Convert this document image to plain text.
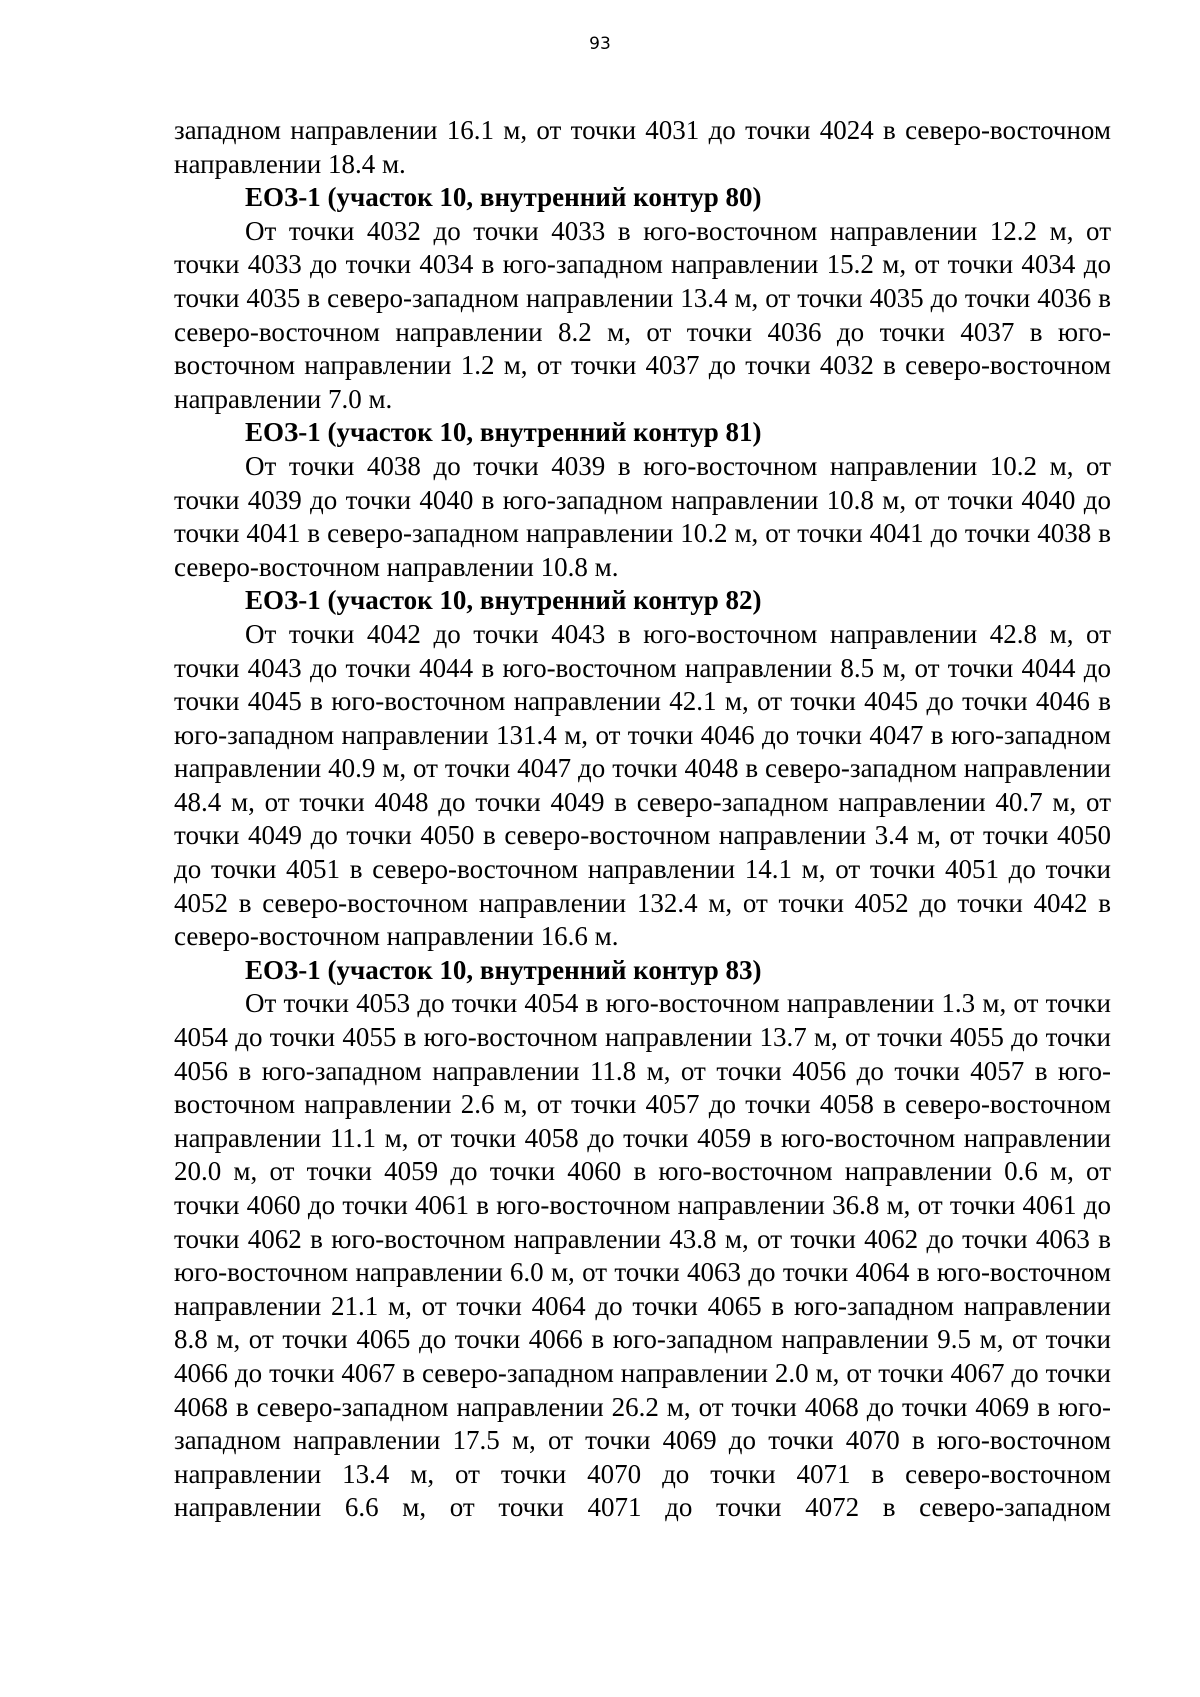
93

западном направлении 16.1 м, от точки 4031 до точки 4024 в северо-восточном направлении 18.4 м.

ЕОЗ-1 (участок 10, внутренний контур 80)

От точки 4032 до точки 4033 в юго-восточном направлении 12.2 м, от точки 4033 до точки 4034 в юго-западном направлении 15.2 м, от точки 4034 до точки 4035 в северо-западном направлении 13.4 м, от точки 4035 до точки 4036 в северо-восточном направлении 8.2 м, от точки 4036 до точки 4037 в юго-восточном направлении 1.2 м, от точки 4037 до точки 4032 в северо-восточном направлении 7.0 м.

ЕОЗ-1 (участок 10, внутренний контур 81)

От точки 4038 до точки 4039 в юго-восточном направлении 10.2 м, от точки 4039 до точки 4040 в юго-западном направлении 10.8 м, от точки 4040 до точки 4041 в северо-западном направлении 10.2 м, от точки 4041 до точки 4038 в северо-восточном направлении 10.8 м.

ЕОЗ-1 (участок 10, внутренний контур 82)

От точки 4042 до точки 4043 в юго-восточном направлении 42.8 м, от точки 4043 до точки 4044 в юго-восточном направлении 8.5 м, от точки 4044 до точки 4045 в юго-восточном направлении 42.1 м, от точки 4045 до точки 4046 в юго-западном направлении 131.4 м, от точки 4046 до точки 4047 в юго-западном направлении 40.9 м, от точки 4047 до точки 4048 в северо-западном направлении 48.4 м, от точки 4048 до точки 4049 в северо-западном направлении 40.7 м, от точки 4049 до точки 4050 в северо-восточном направлении 3.4 м, от точки 4050 до точки 4051 в северо-восточном направлении 14.1 м, от точки 4051 до точки 4052 в северо-восточном направлении 132.4 м, от точки 4052 до точки 4042 в северо-восточном направлении 16.6 м.

ЕОЗ-1 (участок 10, внутренний контур 83)

От точки 4053 до точки 4054 в юго-восточном направлении 1.3 м, от точки 4054 до точки 4055 в юго-восточном направлении 13.7 м, от точки 4055 до точки 4056 в юго-западном направлении 11.8 м, от точки 4056 до точки 4057 в юго-восточном направлении 2.6 м, от точки 4057 до точки 4058 в северо-восточном направлении 11.1 м, от точки 4058 до точки 4059 в юго-восточном направлении 20.0 м, от точки 4059 до точки 4060 в юго-восточном направлении 0.6 м, от точки 4060 до точки 4061 в юго-восточном направлении 36.8 м, от точки 4061 до точки 4062 в юго-восточном направлении 43.8 м, от точки 4062 до точки 4063 в юго-восточном направлении 6.0 м, от точки 4063 до точки 4064 в юго-восточном направлении 21.1 м, от точки 4064 до точки 4065 в юго-западном направлении 8.8 м, от точки 4065 до точки 4066 в юго-западном направлении 9.5 м, от точки 4066 до точки 4067 в северо-западном направлении 2.0 м, от точки 4067 до точки 4068 в северо-западном направлении 26.2 м, от точки 4068 до точки 4069 в юго-западном направлении 17.5 м, от точки 4069 до точки 4070 в юго-восточном направлении 13.4 м, от точки 4070 до точки 4071 в северо-восточном направлении 6.6 м, от точки 4071 до точки 4072 в северо-западном
